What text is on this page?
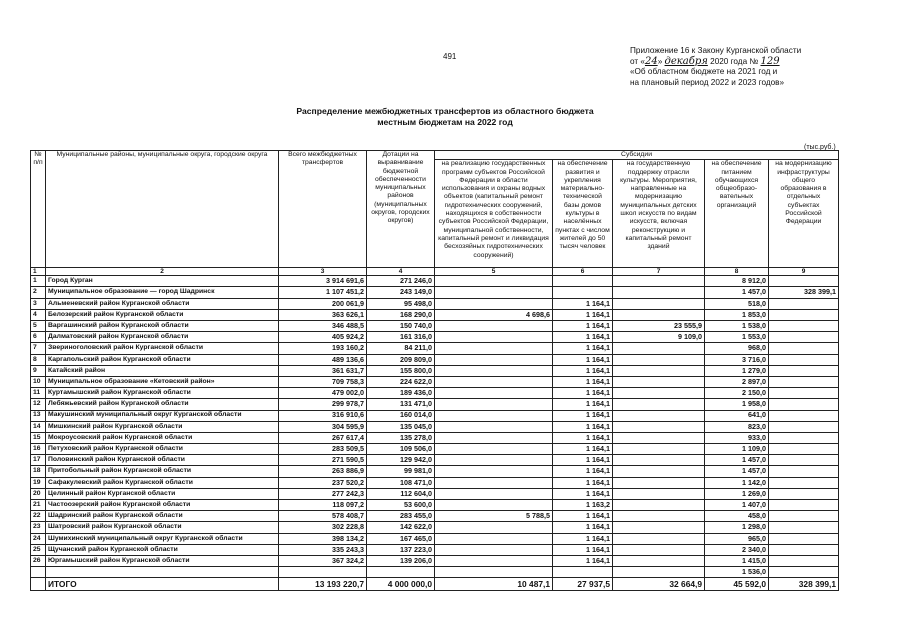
491
Приложение 16 к Закону Курганской области
от «24» декабря 2020 года № 129
«Об областном бюджете на 2021 год и
на плановый период 2022 и 2023 годов»
Распределение межбюджетных трансфертов из областного бюджета
местным бюджетам на 2022 год
(тыс.руб.)
№ п/п	Муниципальные районы, муниципальные округа, городские округа	Всего межбюджетных трансфертов	Дотации на выравнивание бюджетной обеспеченности муниципальных районов (муниципальных округов, городских округов)	Субсидии				
				на реализацию государственных программ субъектов Российской Федерации в области использования и охраны водных объектов (капитальный ремонт гидротехнических сооружений, находящихся в собственности субъектов Российской Федерации, муниципальной собственности, капитальный ремонт и ликвидация бесхозяйных гидротехнических сооружений)	на обеспечение развития и укрепления материально-технической базы домов культуры в населённых пунктах с числом жителей до 50 тысяч человек	на государственную поддержку отрасли культуры. Мероприятия, направленные на модернизацию муниципальных детских школ искусств по видам искусств, включая реконструкцию и капитальный ремонт зданий	на обеспечение питанием обучающихся общеобразо-вательных организаций	на модернизацию инфраструктуры общего образования в отдельных субъектах Российской Федерации
1	2	3	4	5	6	7	8	9
1	Город Курган	3 914 691,6	271 246,0				8 912,0	
2	Муниципальное образование — город Шадринск	1 107 451,2	243 149,0				1 457,0	328 399,1
3	Альменевский район Курганской области	200 061,9	95 498,0		1 164,1		518,0	
4	Белозерский район Курганской области	363 626,1	168 290,0	4 698,6	1 164,1		1 853,0	
5	Варгашинский район Курганской области	346 488,5	150 740,0		1 164,1	23 555,9	1 538,0	
6	Далматовский район Курганской области	405 924,2	161 316,0		1 164,1	9 109,0	1 553,0	
7	Звериноголовский район Курганской области	193 160,2	84 211,0		1 164,1		968,0	
8	Каргапольский район Курганской области	489 136,6	209 809,0		1 164,1		3 716,0	
9	Катайский район	361 631,7	155 800,0		1 164,1		1 279,0	
10	Муниципальное образование «Кетовский район»	709 758,3	224 622,0		1 164,1		2 897,0	
11	Куртамышский район Курганской области	479 002,0	189 436,0		1 164,1		2 150,0	
12	Лебяжьевский район Курганской области	299 978,7	131 471,0		1 164,1		1 958,0	
13	Макушинский муниципальный округ Курганской области	316 910,6	160 014,0		1 164,1		641,0	
14	Мишкинский район Курганской области	304 595,9	135 045,0		1 164,1		823,0	
15	Мокроусовский район Курганской области	267 617,4	135 278,0		1 164,1		933,0	
16	Петуховский район Курганской области	283 509,5	109 506,0		1 164,1		1 109,0	
17	Половинский район Курганской области	271 590,5	129 942,0		1 164,1		1 457,0	
18	Притобольный район Курганской области	263 886,9	99 981,0		1 164,1		1 457,0	
19	Сафакулевский район Курганской области	237 520,2	108 471,0		1 164,1		1 142,0	
20	Целинный район Курганской области	277 242,3	112 604,0		1 164,1		1 269,0	
21	Частоозерский район Курганской области	118 097,2	53 600,0		1 163,2		1 407,0	
22	Шадринский район Курганской области	578 408,7	283 455,0	5 788,5	1 164,1		458,0	
23	Шатровский район Курганской области	302 228,8	142 622,0		1 164,1		1 298,0	
24	Шумихинский муниципальный округ Курганской области	398 134,2	167 465,0		1 164,1		965,0	
25	Щучанский район Курганской области	335 243,3	137 223,0		1 164,1		2 340,0	
26	Юргамышский район Курганской области	367 324,2	139 206,0		1 164,1		1 415,0	
							1 536,0	
	ИТОГО	13 193 220,7	4 000 000,0	10 487,1	27 937,5	32 664,9	45 592,0	328 399,1
